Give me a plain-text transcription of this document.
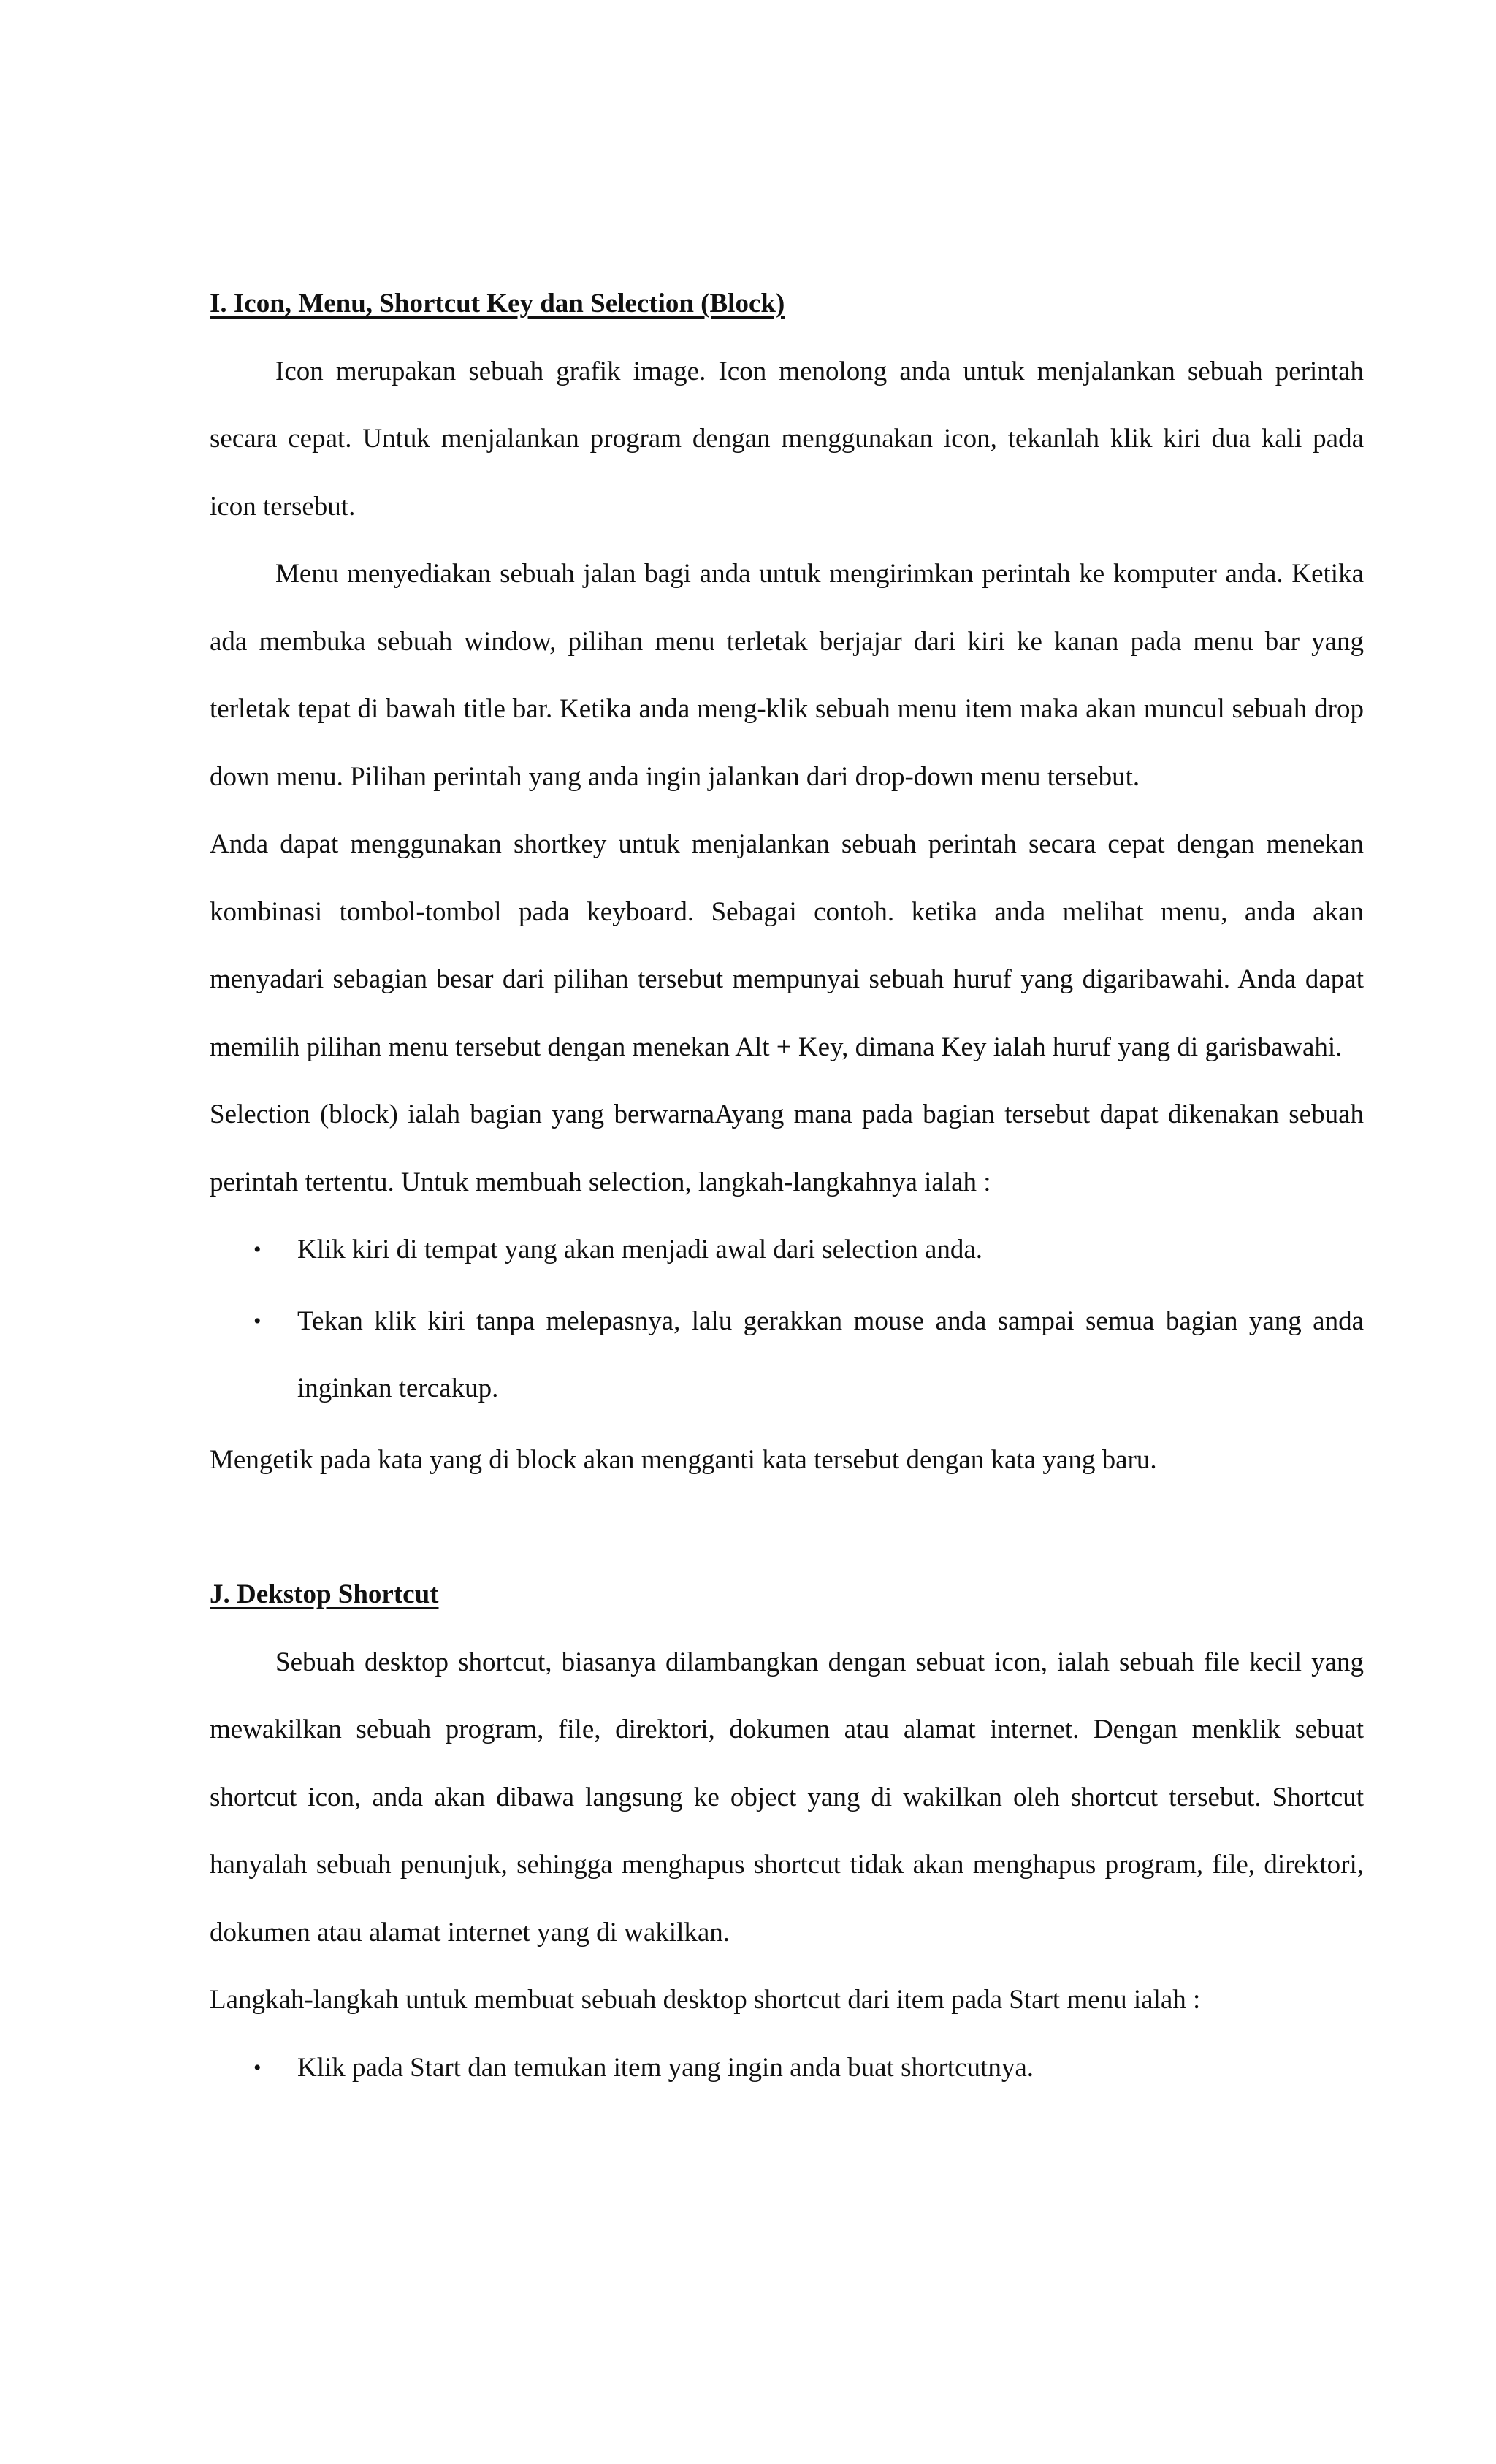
I. Icon, Menu, Shortcut Key dan Selection (Block)

Icon merupakan sebuah grafik image. Icon menolong anda untuk menjalankan sebuah perintah secara cepat. Untuk menjalankan program dengan menggunakan icon, tekanlah klik kiri dua kali pada icon tersebut.

Menu menyediakan sebuah jalan bagi anda untuk mengirimkan perintah ke komputer anda. Ketika ada membuka sebuah window, pilihan menu terletak berjajar dari kiri ke kanan pada menu bar yang terletak tepat di bawah title bar. Ketika anda meng-klik sebuah menu item maka akan muncul sebuah drop down menu. Pilihan perintah yang anda ingin jalankan dari drop-down menu tersebut.

Anda dapat menggunakan shortkey untuk menjalankan sebuah perintah secara cepat dengan menekan kombinasi tombol-tombol pada keyboard. Sebagai contoh. ketika anda melihat menu, anda akan menyadari sebagian besar dari pilihan tersebut mempunyai sebuah huruf yang digaribawahi. Anda dapat memilih pilihan menu tersebut dengan menekan Alt + Key, dimana Key ialah huruf yang di garisbawahi.

Selection (block) ialah bagian yang berwarnaAyang mana pada bagian tersebut dapat dikenakan sebuah perintah tertentu. Untuk membuah selection, langkah-langkahnya ialah :

• Klik kiri di tempat yang akan menjadi awal dari selection anda.
• Tekan klik kiri tanpa melepasnya, lalu gerakkan mouse anda sampai semua bagian yang anda inginkan tercakup.

Mengetik pada kata yang di block akan mengganti kata tersebut dengan kata yang baru.

J. Dekstop Shortcut

Sebuah desktop shortcut, biasanya dilambangkan dengan sebuat icon, ialah sebuah file kecil yang mewakilkan sebuah program, file, direktori, dokumen atau alamat internet. Dengan menklik sebuat shortcut icon, anda akan dibawa langsung ke object yang di wakilkan oleh shortcut tersebut. Shortcut hanyalah sebuah penunjuk, sehingga menghapus shortcut tidak akan menghapus program, file, direktori, dokumen atau alamat internet yang di wakilkan.

Langkah-langkah untuk membuat sebuah desktop shortcut dari item pada Start menu ialah :

• Klik pada Start dan temukan item yang ingin anda buat shortcutnya.
